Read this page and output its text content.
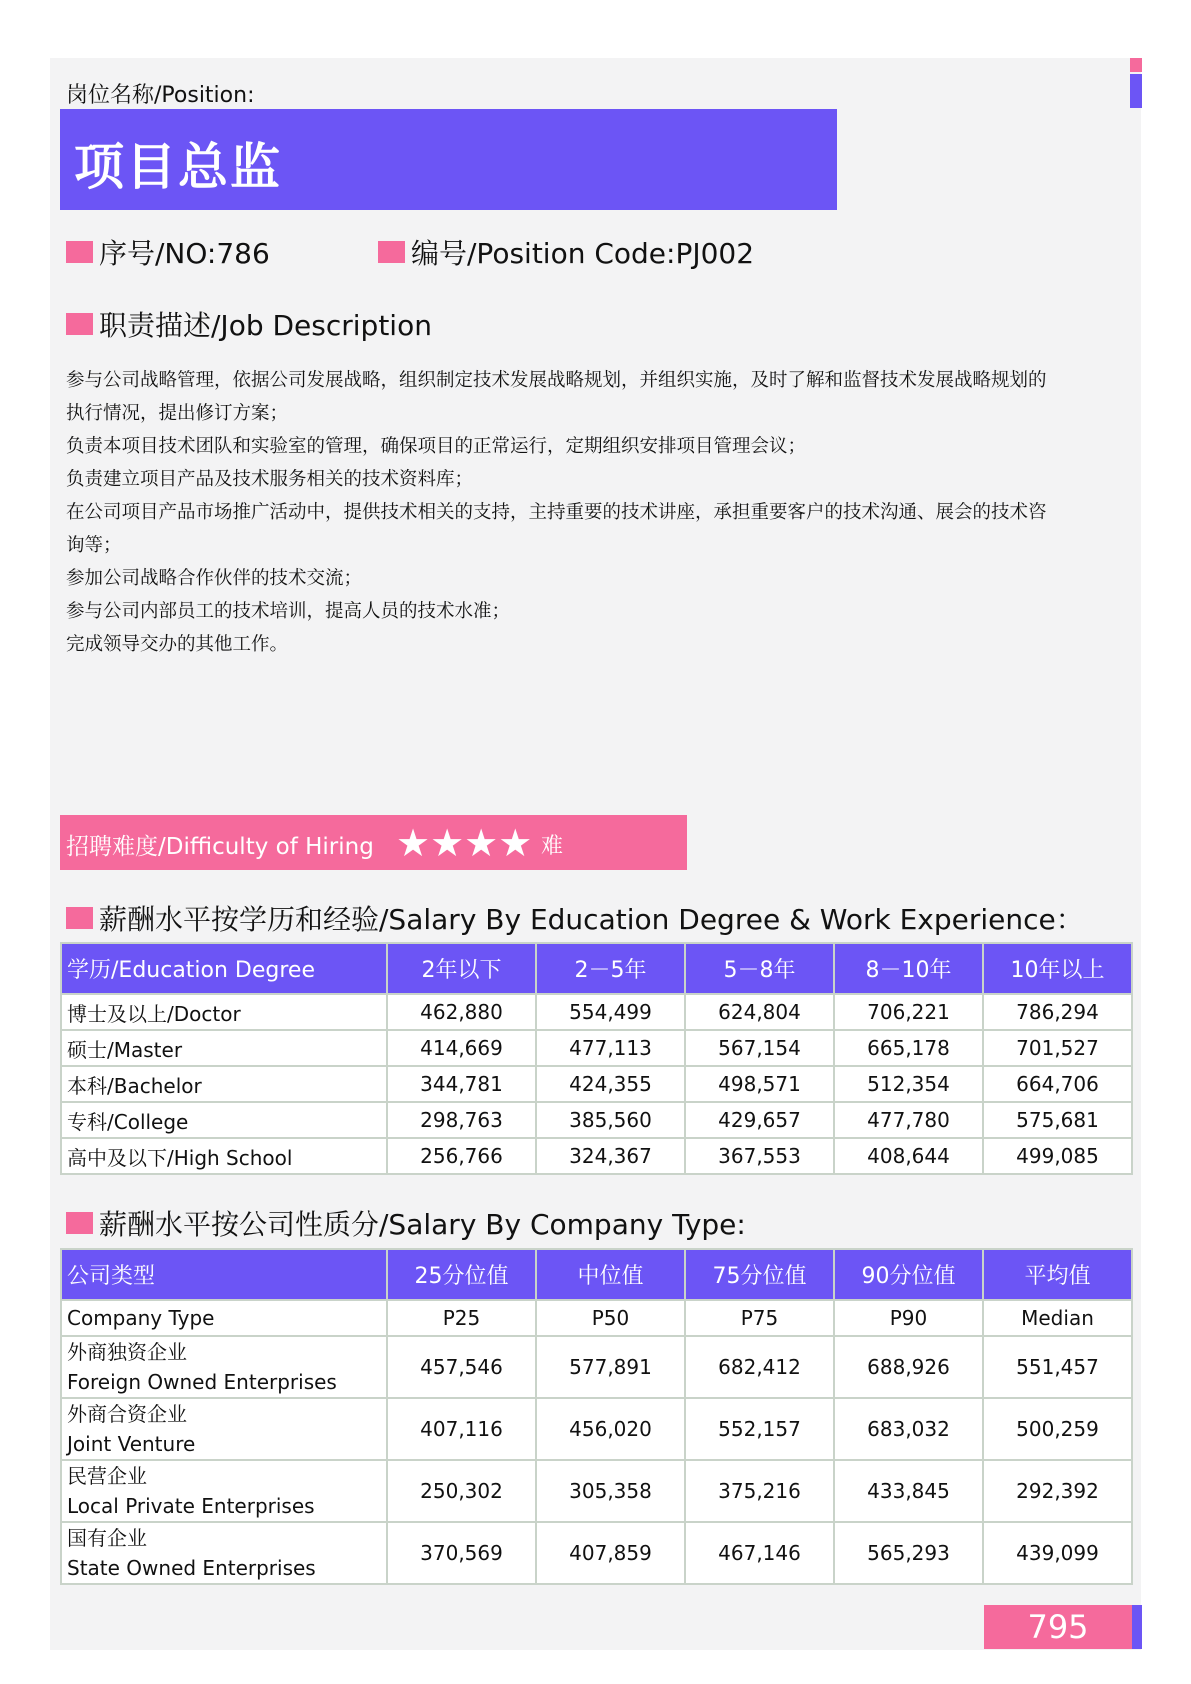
岗位名称/Position:
项目总监
序号/NO:786	编号/Position Code:PJ002
职责描述/Job Description

参与公司战略管理，依据公司发展战略，组织制定技术发展战略规划，并组织实施，及时了解和监督技术发展战略规划的

执行情况，提出修订方案；

负责本项目技术团队和实验室的管理，确保项目的正常运行，定期组织安排项目管理会议；

负责建立项目产品及技术服务相关的技术资料库；

在公司项目产品市场推广活动中，提供技术相关的支持，主持重要的技术讲座，承担重要客户的技术沟通、展会的技术咨

询等；

参加公司战略合作伙伴的技术交流；

参与公司内部员工的技术培训，提高人员的技术水准；

完成领导交办的其他工作。

招聘难度/Difficulty of Hiring ★★★★ 难
薪酬水平按学历和经验/Salary By Education Degree & Work Experience：
学历/Education Degree	2年以下	2－5年	5－8年	8－10年	10年以上
博士及以上/Doctor	462,880	554,499	624,804	706,221	786,294
硕士/Master	414,669	477,113	567,154	665,178	701,527
本科/Bachelor	344,781	424,355	498,571	512,354	664,706
专科/College	298,763	385,560	429,657	477,780	575,681
高中及以下/High School	256,766	324,367	367,553	408,644	499,085
薪酬水平按公司性质分/Salary By Company Type:
公司类型	25分位值	中位值	75分位值	90分位值	平均值
Company Type	P25	P50	P75	P90	Median

外商独资企业
Foreign Owned Enterprises	457,546	577,891	682,412	688,926	551,457

外商合资企业
Joint Venture	407,116	456,020	552,157	683,032	500,259

民营企业
Local Private Enterprises	250,302	305,358	375,216	433,845	292,392

国有企业
State Owned Enterprises	370,569	407,859	467,146	565,293	439,099
795
